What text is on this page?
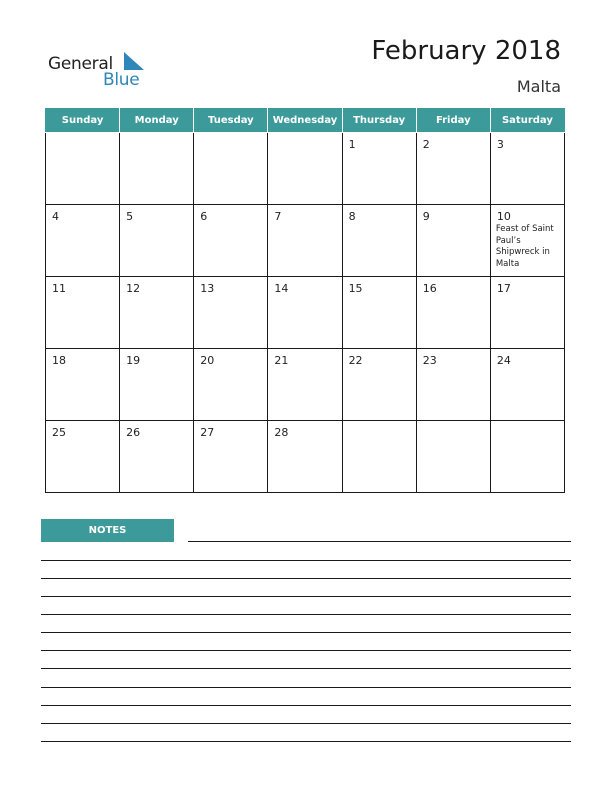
General
Blue
February 2018
Malta
Sunday	Monday	Tuesday	Wednesday	Thursday	Friday	Saturday

				1	2	3

4	5	6	7	8	9	10
Feast of Saint Paul’s Shipwreck in Malta

11	12	13	14	15	16	17

18	19	20	21	22	23	24

25	26	27	28			

NOTES
